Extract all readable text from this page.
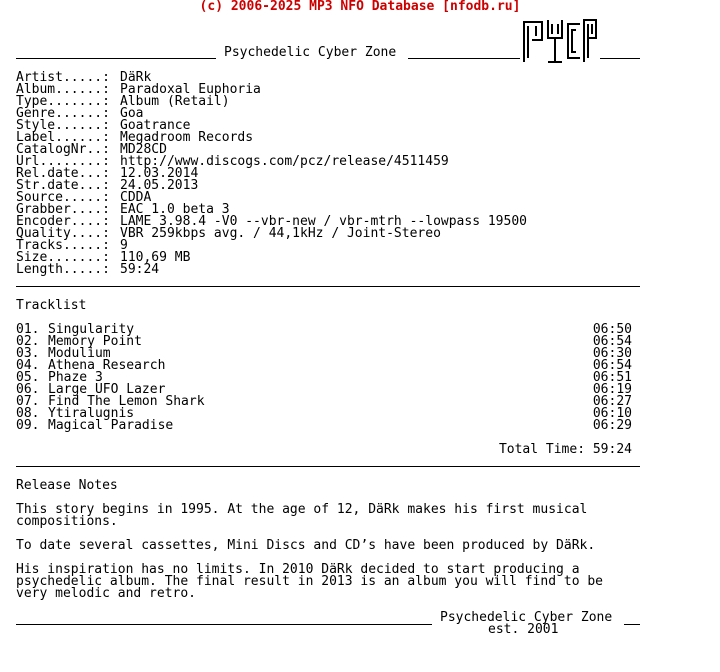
(c) 2006-2025 MP3 NFO Database [nfodb.ru]
Psychedelic Cyber Zone
Artist.....: DäRk
Album......: Paradoxal Euphoria
Type.......: Album (Retail)
Genre......: Goa
Style......: Goatrance
Label......: Megadroom Records
CatalogNr..: MD28CD
Url........: http://www.discogs.com/pcz/release/4511459
Rel.date...: 12.03.2014
Str.date...: 24.05.2013
Source.....: CDDA
Grabber....: EAC 1.0 beta 3
Encoder....: LAME 3.98.4 -V0 --vbr-new / vbr-mtrh --lowpass 19500
Quality....: VBR 259kbps avg. / 44,1kHz / Joint-Stereo
Tracks.....: 9
Size.......: 110,69 MB
Length.....: 59:24
Tracklist
01. Singularity	06:50
02. Memory Point	06:54
03. Modulium	06:30
04. Athena Research	06:54
05. Phaze 3	06:51
06. Large UFO Lazer	06:19
07. Find The Lemon Shark	06:27
08. Ytiralugnis	06:10
09. Magical Paradise	06:29
Total Time: 59:24
Release Notes
This story begins in 1995. At the age of 12, DäRk makes his first musical
compositions.
To date several cassettes, Mini Discs and CD’s have been produced by DäRk.
His inspiration has no limits. In 2010 DäRk decided to start producing a
psychedelic album. The final result in 2013 is an album you will find to be
very melodic and retro.
Psychedelic Cyber Zone
est. 2001
